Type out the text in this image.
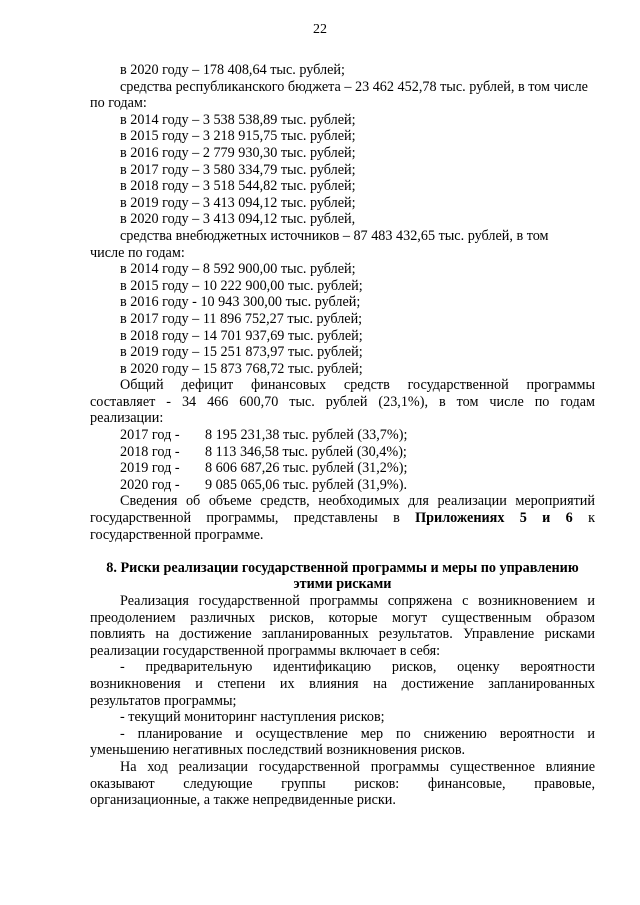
22
в 2020 году – 178 408,64 тыс. рублей;
средства республиканского бюджета – 23 462 452,78 тыс. рублей, в том числе
по годам:
в 2014 году – 3 538 538,89 тыс. рублей;
в 2015 году – 3 218 915,75 тыс. рублей;
в 2016 году – 2 779 930,30 тыс. рублей;
в 2017 году – 3 580 334,79 тыс. рублей;
в 2018 году – 3 518 544,82 тыс. рублей;
в 2019 году – 3 413 094,12 тыс. рублей;
в 2020 году – 3 413 094,12 тыс. рублей,
средства внебюджетных источников – 87 483 432,65 тыс. рублей, в том
числе по годам:
в 2014 году – 8 592 900,00 тыс. рублей;
в 2015 году – 10 222 900,00 тыс. рублей;
в 2016 году - 10 943 300,00 тыс. рублей;
в 2017 году – 11 896 752,27 тыс. рублей;
в 2018 году – 14 701 937,69 тыс. рублей;
в 2019 году – 15 251 873,97 тыс. рублей;
в 2020 году – 15 873 768,72 тыс. рублей;
Общий дефицит финансовых средств государственной программы
составляет - 34 466 600,70 тыс. рублей (23,1%), в том числе по годам
реализации:
2017 год - 8 195 231,38 тыс. рублей (33,7%);
2018 год - 8 113 346,58 тыс. рублей (30,4%);
2019 год - 8 606 687,26 тыс. рублей (31,2%);
2020 год - 9 085 065,06 тыс. рублей (31,9%).
Сведения об объеме средств, необходимых для реализации мероприятий
государственной программы, представлены в Приложениях 5 и 6 к
государственной программе.
8. Риски реализации государственной программы и меры по управлению
этими рисками
Реализация государственной программы сопряжена с возникновением и
преодолением различных рисков, которые могут существенным образом
повлиять на достижение запланированных результатов. Управление рисками
реализации государственной программы включает в себя:
- предварительную идентификацию рисков, оценку вероятности
возникновения и степени их влияния на достижение запланированных
результатов программы;
- текущий мониторинг наступления рисков;
- планирование и осуществление мер по снижению вероятности и
уменьшению негативных последствий возникновения рисков.
На ход реализации государственной программы существенное влияние
оказывают следующие группы рисков: финансовые, правовые,
организационные, а также непредвиденные риски.
